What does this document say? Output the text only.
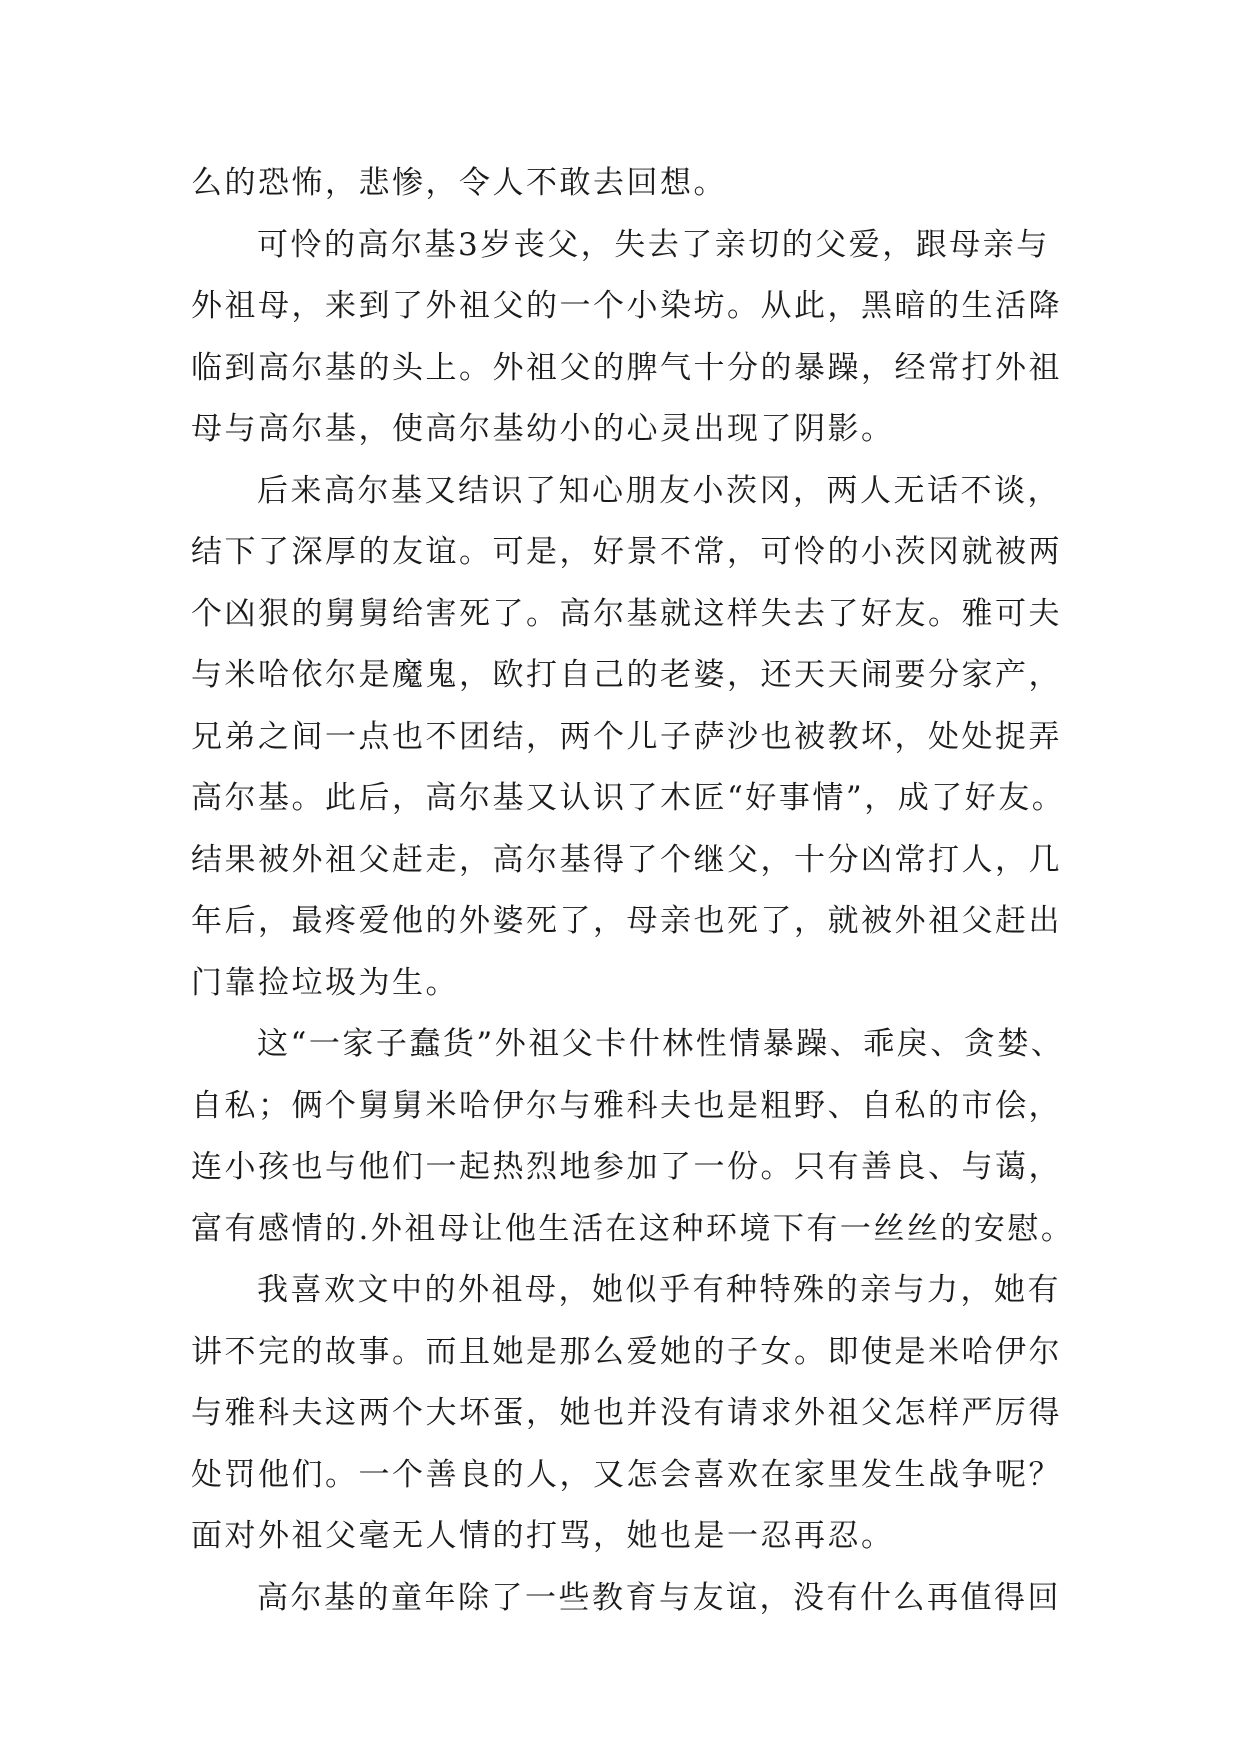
么的恐怖，悲惨，令人不敢去回想。
可怜的高尔基3岁丧父，失去了亲切的父爱，跟母亲与
外祖母，来到了外祖父的一个小染坊。从此，黑暗的生活降
临到高尔基的头上。外祖父的脾气十分的暴躁，经常打外祖
母与高尔基，使高尔基幼小的心灵出现了阴影。
后来高尔基又结识了知心朋友小茨冈，两人无话不谈，
结下了深厚的友谊。可是，好景不常，可怜的小茨冈就被两
个凶狠的舅舅给害死了。高尔基就这样失去了好友。雅可夫
与米哈依尔是魔鬼，欧打自己的老婆，还天天闹要分家产，
兄弟之间一点也不团结，两个儿子萨沙也被教坏，处处捉弄
高尔基。此后，高尔基又认识了木匠“好事情”，成了好友。
结果被外祖父赶走，高尔基得了个继父，十分凶常打人，几
年后，最疼爱他的外婆死了，母亲也死了，就被外祖父赶出
门靠捡垃圾为生。
这“一家子蠢货”外祖父卡什林性情暴躁、乖戾、贪婪、
自私；俩个舅舅米哈伊尔与雅科夫也是粗野、自私的市侩，
连小孩也与他们一起热烈地参加了一份。只有善良、与蔼，
富有感情的.外祖母让他生活在这种环境下有一丝丝的安慰。
我喜欢文中的外祖母，她似乎有种特殊的亲与力，她有
讲不完的故事。而且她是那么爱她的子女。即使是米哈伊尔
与雅科夫这两个大坏蛋，她也并没有请求外祖父怎样严厉得
处罚他们。一个善良的人，又怎会喜欢在家里发生战争呢？
面对外祖父毫无人情的打骂，她也是一忍再忍。
高尔基的童年除了一些教育与友谊，没有什么再值得回
